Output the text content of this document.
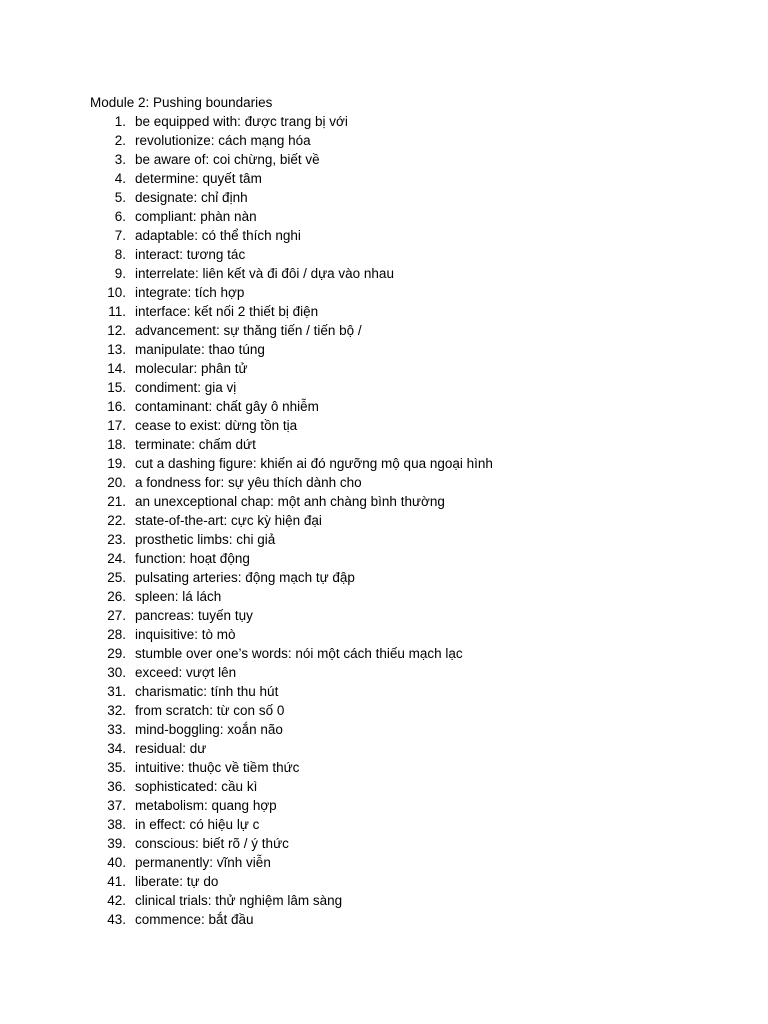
Module 2: Pushing boundaries
1. be equipped with: được trang bị với
2. revolutionize: cách mạng hóa
3. be aware of: coi chừng, biết về
4. determine: quyết tâm
5. designate: chỉ định
6. compliant: phàn nàn
7. adaptable: có thể thích nghi
8. interact: tương tác
9. interrelate: liên kết và đi đôi / dựa vào nhau
10. integrate: tích hợp
11. interface: kết nối 2 thiết bị điện
12. advancement: sự thăng tiến / tiến bộ /
13. manipulate: thao túng
14. molecular: phân tử
15. condiment: gia vị
16. contaminant: chất gây ô nhiễm
17. cease to exist: dừng tồn tịa
18. terminate: chấm dứt
19. cut a dashing figure: khiến ai đó ngưỡng mộ qua ngoại hình
20. a fondness for: sự yêu thích dành cho
21. an unexceptional chap: một anh chàng bình thường
22. state-of-the-art: cực kỳ hiện đại
23. prosthetic limbs: chi giả
24. function: hoạt động
25. pulsating arteries: động mạch tự đập
26. spleen: lá lách
27. pancreas: tuyến tụy
28. inquisitive: tò mò
29. stumble over one’s words: nói một cách thiếu mạch lạc
30. exceed: vượt lên
31. charismatic: tính thu hút
32. from scratch: từ con số 0
33. mind-boggling: xoắn não
34. residual: dư
35. intuitive: thuộc về tiềm thức
36. sophisticated: cầu kì
37. metabolism: quang hợp
38. in effect: có hiệu lự c
39. conscious: biết rõ / ý thức
40. permanently: vĩnh viễn
41. liberate: tự do
42. clinical trials: thử nghiệm lâm sàng
43. commence: bắt đầu
